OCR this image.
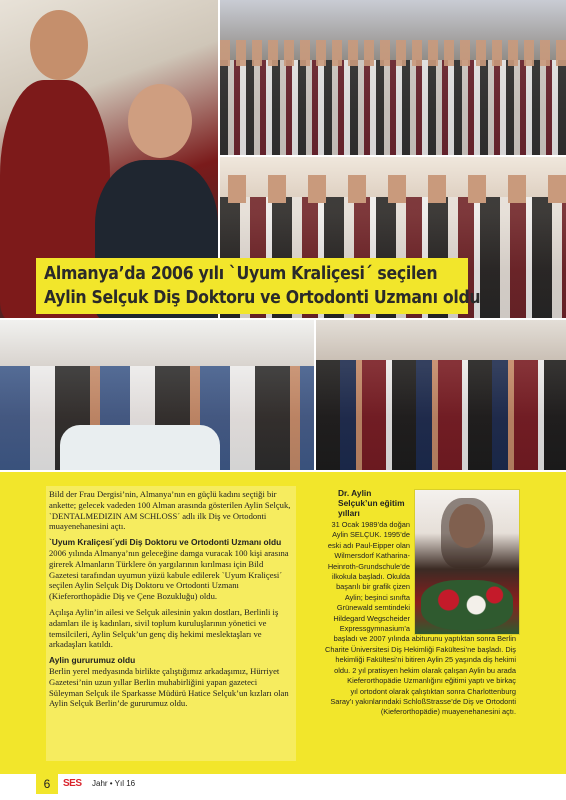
Almanya’da 2006 yılı `Uyum Kraliçesi´ seçilen
Aylin Selçuk Diş Doktoru ve Ortodonti Uzmanı oldu

Bild der Frau Dergisi’nin, Almanya’nın en güçlü kadını seçtiği bir ankette; gelecek vadeden 100 Alman arasında gösterilen Aylin Selçuk, `DENTALMEDIZIN AM SCHLOSS´ adlı ilk Diş ve Ortodonti muayenehanesini açtı.

`Uyum Kraliçesi´ydi Diş Doktoru ve Ortodonti Uzmanı oldu

2006 yılında Almanya’nın geleceğine damga vuracak 100 kişi arasına girerek Almanların Türklere ön yargılarının kırılması için Bild Gazetesi tarafından uyumun yüzü kabule edilerek `Uyum Kraliçesi´ seçilen Aylin Selçuk Diş Doktoru ve Ortodonti Uzmanı (Kieferorthopädie Diş ve Çene Bozukluğu) oldu.

Açılışa Aylin’in ailesi ve Selçuk ailesinin yakın dostları, Berlinli iş adamları ile iş kadınları, sivil toplum kuruluşlarının yönetici ve temsilcileri, Aylin Selçuk’un genç diş hekimi meslektaşları ve arkadaşları katıldı.

Aylin gururumuz oldu

Berlin yerel medyasında birlikte çalıştığımız arkadaşımız, Hürriyet Gazetesi’nin uzun yıllar Berlin muhabirliğini yapan gazeteci Süleyman Selçuk ile Sparkasse Müdürü Hatice Selçuk’un kızları olan Aylin Selçuk Berlin’de gururumuz oldu.

Dr. Aylin Selçuk’un eğitim yılları
31 Ocak 1989’da doğan
Aylin SELÇUK. 1995’de
eski adı Paul-Eipper olan
Wilmersdorf Katharina-
Heinroth-Grundschule’de
ilkokula başladı. Okulda
başarılı bir grafik çizen
Aylin; beşinci sınıfta
Grünewald semtindeki
Hildegard Wegscheider
Expressgymnasium’a
başladı ve 2007 yılında abiturunu yaptıktan sonra Berlin
Charite Üniversitesi Diş Hekimliği Fakültesi’ne başladı. Diş
hekimliği Fakültesi’ni bitiren Aylin 25 yaşında diş hekimi
oldu. 2 yıl pratisyen hekim olarak çalışan Aylin bu arada
Kieferorthopädie Uzmanlığını eğitimi yaptı ve birkaç
yıl ortodont olarak çalıştıktan sonra Charlottenburg
Saray’ı yakınlarındaki SchloßStrasse’de Diş ve Ortodonti
(Kieferorthopädie) muayenehanesini açtı.
6	SES Jahr • Yıl 16
